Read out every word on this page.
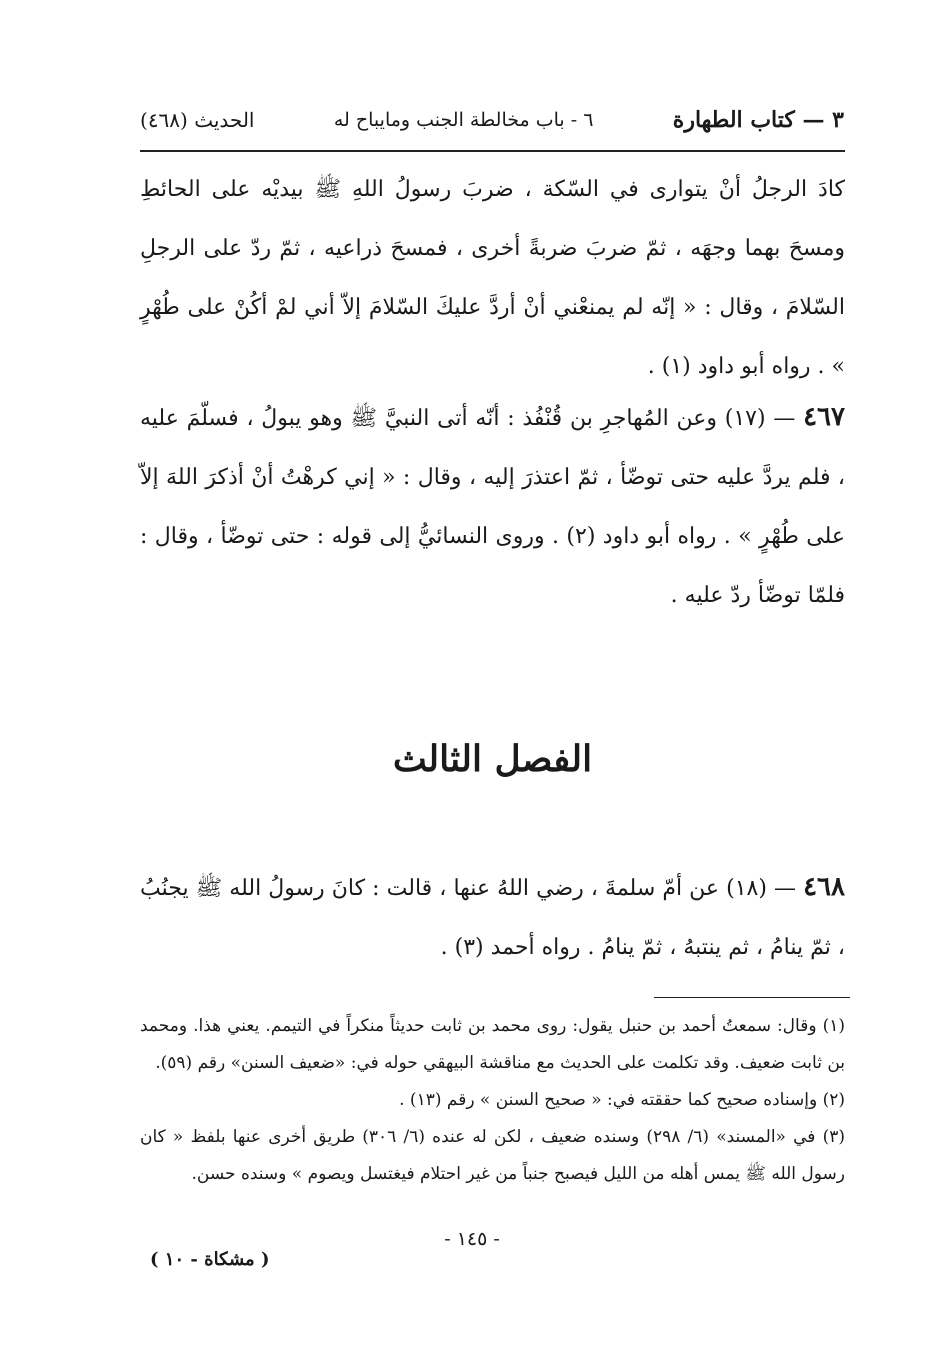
٣ — كتاب الطهارة
٦ - باب مخالطة الجنب ومايباح له
الحديث (٤٦٨)
كادَ الرجلُ أنْ يتوارى في السّكة ، ضربَ رسولُ اللهِ ﷺ بيديْه على الحائطِ ومسحَ بهما وجهَه ، ثمّ ضربَ ضربةً أخرى ، فمسحَ ذراعيه ، ثمّ ردّ على الرجلِ السّلامَ ، وقال : « إنّه لم يمنعْني أنْ أردَّ عليكَ السّلامَ إلاّ أني لمْ أكُنْ على طُهْرٍ » . رواه أبو داود (١) .
٤٦٧ — (١٧) وعن المُهاجرِ بن قُنْفُذ : أنّه أتى النبيَّ ﷺ وهو يبولُ ، فسلّمَ عليه ، فلم يردَّ عليه حتى توضّأ ، ثمّ اعتذرَ إليه ، وقال : « إني كرهْتُ أنْ أذكرَ اللهَ إلاّ على طُهْرٍ » . رواه أبو داود (٢) . وروى النسائيُّ إلى قوله : حتى توضّأ ، وقال : فلمّا توضّأ ردّ عليه .
الفصل الثالث
٤٦٨ — (١٨) عن أمّ سلمةَ ، رضي اللهُ عنها ، قالت : كانَ رسولُ الله ﷺ يجنُبُ ، ثمّ ينامُ ، ثم ينتبهُ ، ثمّ ينامُ . رواه أحمد (٣) .

(١) وقال: سمعتُ أحمد بن حنبل يقول: روى محمد بن ثابت حديثاً منكراً في التيمم. يعني هذا. ومحمد بن ثابت ضعيف. وقد تكلمت على الحديث مع مناقشة البيهقي حوله في: «ضعيف السنن» رقم (٥٩).

(٢) وإسناده صحيح كما حققته في: « صحيح السنن » رقم (١٣) .

(٣) في «المسند» (٦/ ٢٩٨) وسنده ضعيف ، لكن له عنده (٦/ ٣٠٦) طريق أخرى عنها بلفظ « كان رسول الله ﷺ يمس أهله من الليل فيصبح جنباً من غير احتلام فيغتسل ويصوم » وسنده حسن.

- ١٤٥ -
( مشكاة - ١٠ )
